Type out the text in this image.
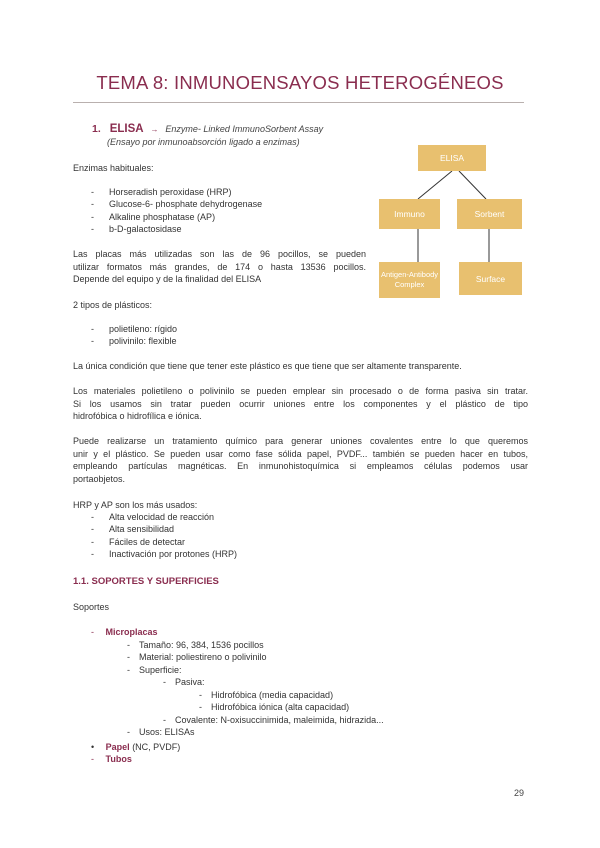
TEMA 8: INMUNOENSAYOS HETEROGÉNEOS
1. ELISA → Enzyme- Linked ImmunoSorbent Assay
(Ensayo por inmunoabsorción ligado a enzimas)

Enzimas habituales:

- Horseradish peroxidase (HRP)
- Glucose-6- phosphate dehydrogenase
- Alkaline phosphatase (AP)
- b-D-galactosidase

Las placas más utilizadas son las de 96 pocillos, se pueden

utilizar formatos más grandes, de 174 o hasta 13536 pocillos.

Depende del equipo y de la finalidad del ELISA

2 tipos de plásticos:

- polietileno: rígido
- polivinilo: flexible

La única condición que tiene que tener este plástico es que tiene que ser altamente transparente.

Los materiales polietileno o polivinilo se pueden emplear sin procesado o de forma pasiva sin tratar.

Si los usamos sin tratar pueden ocurrir uniones entre los componentes y el plástico de tipo

hidrofóbica o hidrofílica e iónica.

Puede realizarse un tratamiento químico para generar uniones covalentes entre lo que queremos

unir y el plástico. Se pueden usar como fase sólida papel, PVDF... también se pueden hacer en tubos,

empleando partículas magnéticas. En inmunohistoquímica si empleamos células podemos usar

portaobjetos.

HRP y AP son los más usados:

- Alta velocidad de reacción
- Alta sensibilidad
- Fáciles de detectar
- Inactivación por protones (HRP)
1.1. SOPORTES Y SUPERFICIES

Soportes

- Microplacas
- Tamaño: 96, 384, 1536 pocillos
- Material: poliestireno o polivinilo
- Superficie:
- Pasiva:
- Hidrofóbica (media capacidad)
- Hidrofóbica iónica (alta capacidad)
- Covalente: N-oxisuccinimida, maleimida, hidrazida...
- Usos: ELISAs
• Papel (NC, PVDF)
- Tubos
ELISA
Immuno	Sorbent
Antigen-Antibody Complex
Surface
29
